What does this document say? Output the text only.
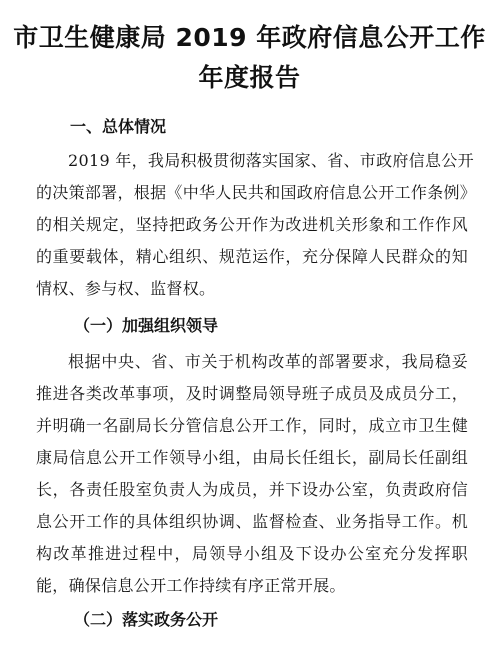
市卫生健康局 2019 年政府信息公开工作
年度报告
一、总体情况
2019 年，我局积极贯彻落实国家、省、市政府信息公开
的决策部署，根据《中华人民共和国政府信息公开工作条例》
的相关规定，坚持把政务公开作为改进机关形象和工作作风
的重要载体，精心组织、规范运作，充分保障人民群众的知
情权、参与权、监督权。
（一）加强组织领导
根据中央、省、市关于机构改革的部署要求，我局稳妥
推进各类改革事项，及时调整局领导班子成员及成员分工，
并明确一名副局长分管信息公开工作，同时，成立市卫生健
康局信息公开工作领导小组，由局长任组长，副局长任副组
长，各责任股室负责人为成员，并下设办公室，负责政府信
息公开工作的具体组织协调、监督检查、业务指导工作。机
构改革推进过程中，局领导小组及下设办公室充分发挥职
能，确保信息公开工作持续有序正常开展。
（二）落实政务公开
